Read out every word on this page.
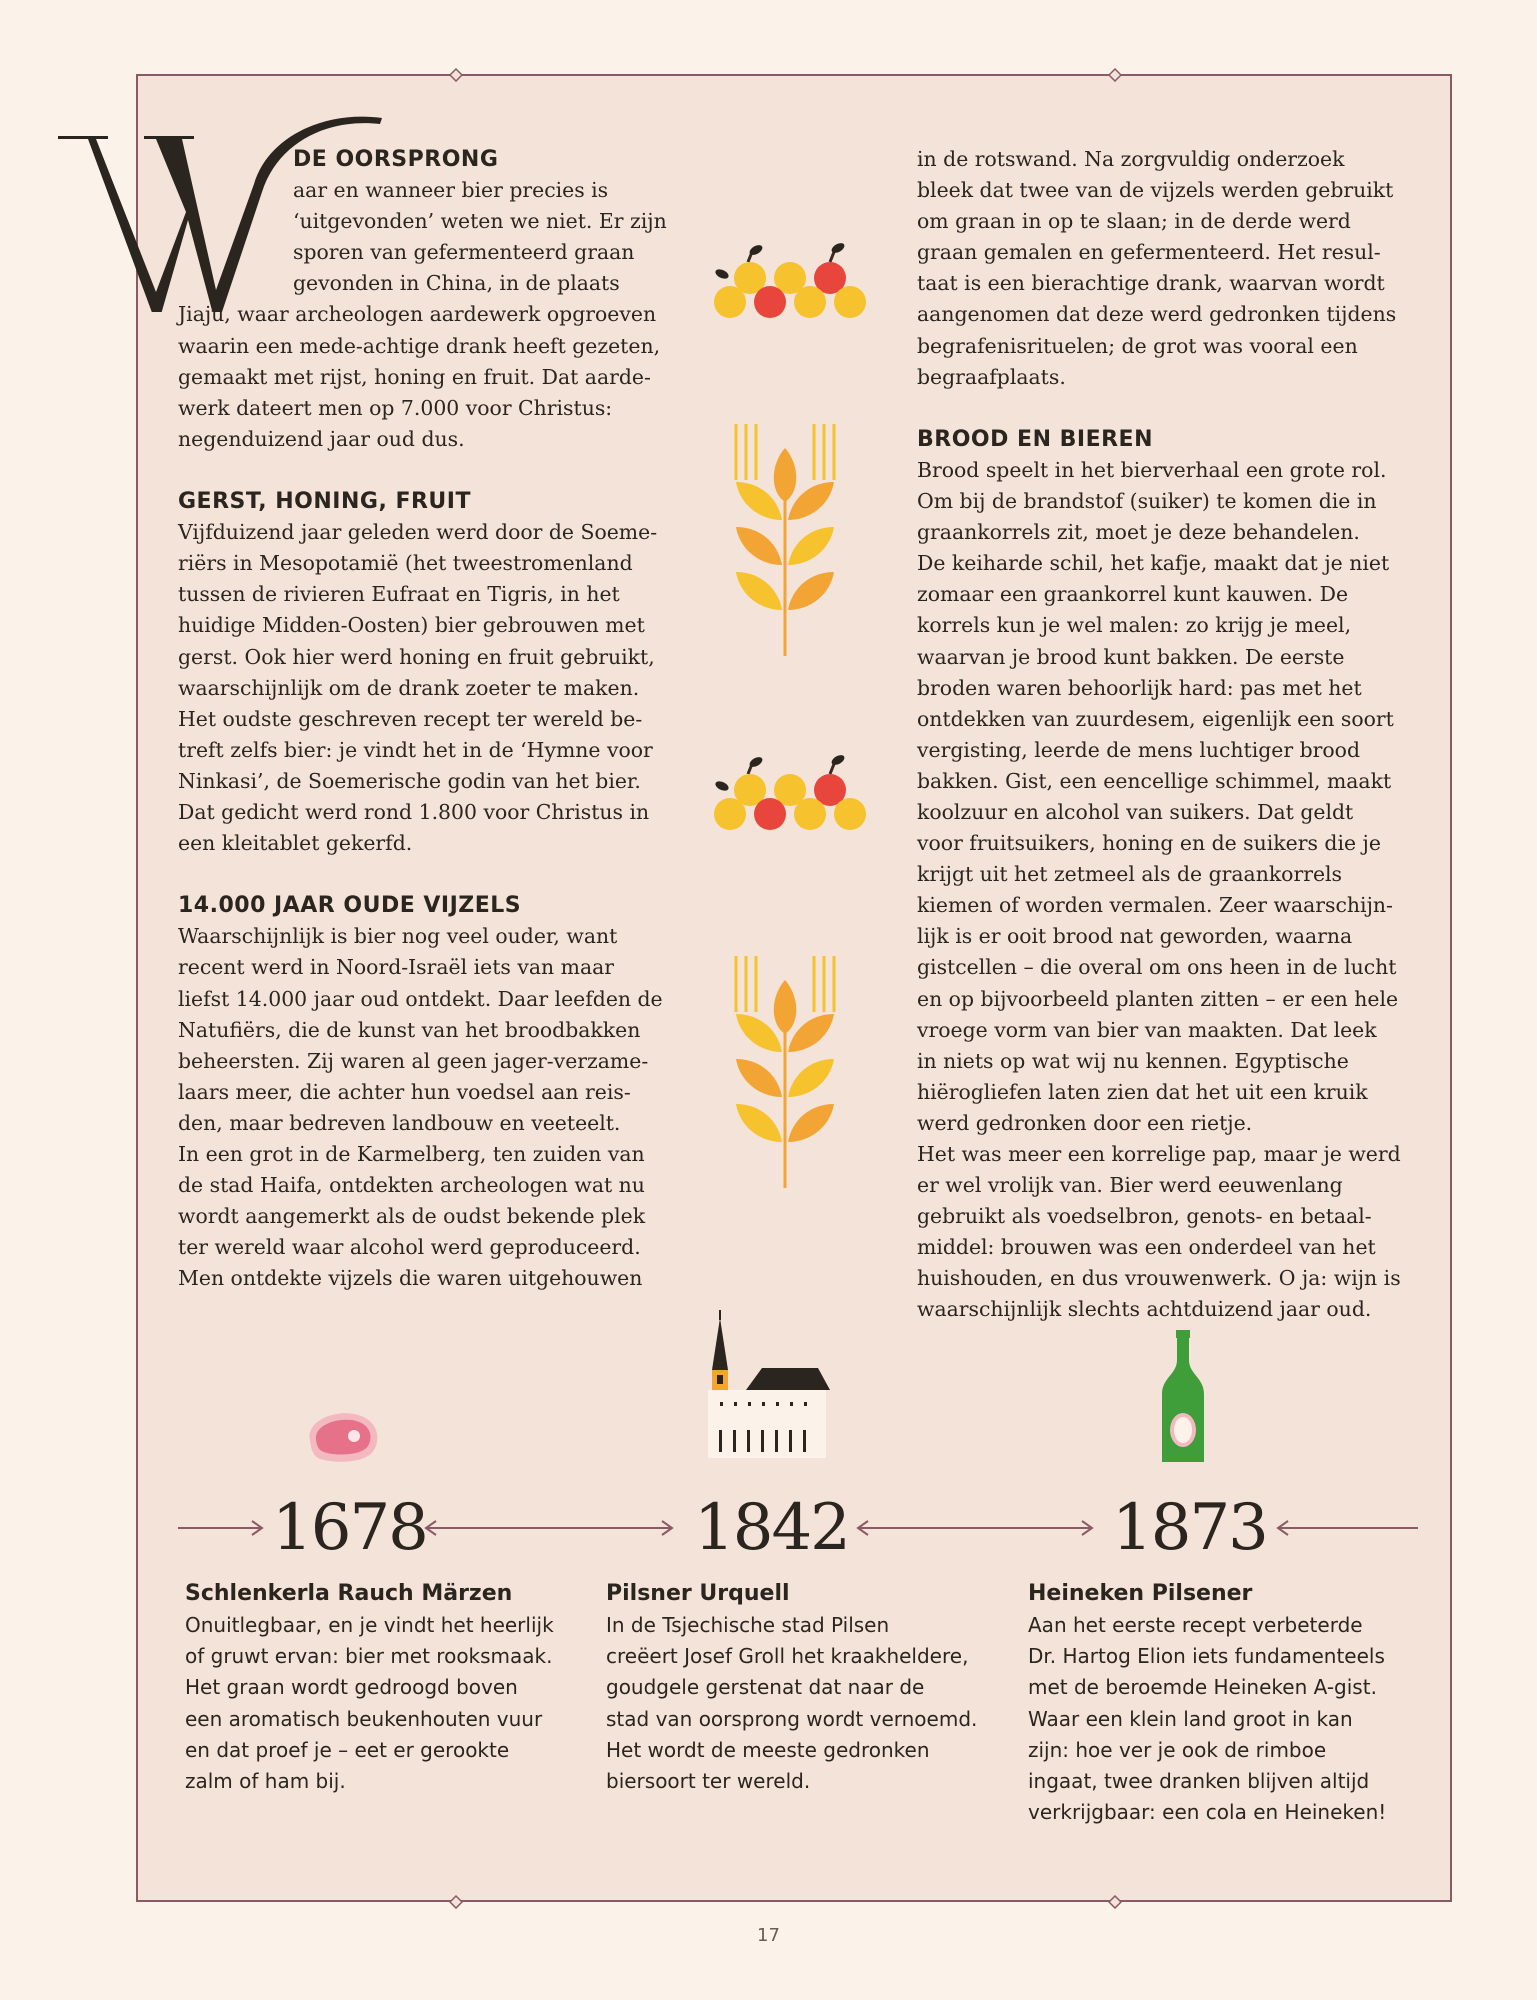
DE OORSPRONG

aar en wanneer bier precies is

‘uitgevonden’ weten we niet. Er zijn

sporen van gefermenteerd graan

gevonden in China, in de plaats

Jiaju, waar archeologen aardewerk opgroeven

waarin een mede-achtige drank heeft gezeten,

gemaakt met rijst, honing en fruit. Dat aarde-

werk dateert men op 7.000 voor Christus:

negenduizend jaar oud dus.

GERST, HONING, FRUIT

Vijfduizend jaar geleden werd door de Soeme-

riërs in Mesopotamië (het tweestromenland

tussen de rivieren Eufraat en Tigris, in het

huidige Midden-Oosten) bier gebrouwen met

gerst. Ook hier werd honing en fruit gebruikt,

waarschijnlijk om de drank zoeter te maken.

Het oudste geschreven recept ter wereld be-

treft zelfs bier: je vindt het in de ‘Hymne voor

Ninkasi’, de Soemerische godin van het bier.

Dat gedicht werd rond 1.800 voor Christus in

een kleitablet gekerfd.

14.000 JAAR OUDE VIJZELS

Waarschijnlijk is bier nog veel ouder, want

recent werd in Noord-Israël iets van maar

liefst 14.000 jaar oud ontdekt. Daar leefden de

Natufiërs, die de kunst van het broodbakken

beheersten. Zij waren al geen jager-verzame-

laars meer, die achter hun voedsel aan reis-

den, maar bedreven landbouw en veeteelt.

In een grot in de Karmelberg, ten zuiden van

de stad Haifa, ontdekten archeologen wat nu

wordt aangemerkt als de oudst bekende plek

ter wereld waar alcohol werd geproduceerd.

Men ontdekte vijzels die waren uitgehouwen

in de rotswand. Na zorgvuldig onderzoek

bleek dat twee van de vijzels werden gebruikt

om graan in op te slaan; in de derde werd

graan gemalen en gefermenteerd. Het resul-

taat is een bierachtige drank, waarvan wordt

aangenomen dat deze werd gedronken tijdens

begrafenisrituelen; de grot was vooral een

begraafplaats.

BROOD EN BIEREN

Brood speelt in het bierverhaal een grote rol.

Om bij de brandstof (suiker) te komen die in

graankorrels zit, moet je deze behandelen.

De keiharde schil, het kafje, maakt dat je niet

zomaar een graankorrel kunt kauwen. De

korrels kun je wel malen: zo krijg je meel,

waarvan je brood kunt bakken. De eerste

broden waren behoorlijk hard: pas met het

ontdekken van zuurdesem, eigenlijk een soort

vergisting, leerde de mens luchtiger brood

bakken. Gist, een eencellige schimmel, maakt

koolzuur en alcohol van suikers. Dat geldt

voor fruitsuikers, honing en de suikers die je

krijgt uit het zetmeel als de graankorrels

kiemen of worden vermalen. Zeer waarschijn-

lijk is er ooit brood nat geworden, waarna

gistcellen – die overal om ons heen in de lucht

en op bijvoorbeeld planten zitten – er een hele

vroege vorm van bier van maakten. Dat leek

in niets op wat wij nu kennen. Egyptische

hiërogliefen laten zien dat het uit een kruik

werd gedronken door een rietje.

Het was meer een korrelige pap, maar je werd

er wel vrolijk van. Bier werd eeuwenlang

gebruikt als voedselbron, genots- en betaal-

middel: brouwen was een onderdeel van het

huishouden, en dus vrouwenwerk. O ja: wijn is

waarschijnlijk slechts achtduizend jaar oud.

1678	1842	1873
Schlenkerla Rauch Märzen

Onuitlegbaar, en je vindt het heerlijk

of gruwt ervan: bier met rooksmaak.

Het graan wordt gedroogd boven

een aromatisch beukenhouten vuur

en dat proef je – eet er gerookte

zalm of ham bij.

Pilsner Urquell

In de Tsjechische stad Pilsen

creëert Josef Groll het kraakheldere,

goudgele gerstenat dat naar de

stad van oorsprong wordt vernoemd.

Het wordt de meeste gedronken

biersoort ter wereld.

Heineken Pilsener

Aan het eerste recept verbeterde

Dr. Hartog Elion iets fundamenteels

met de beroemde Heineken A-gist.

Waar een klein land groot in kan

zijn: hoe ver je ook de rimboe

ingaat, twee dranken blijven altijd

verkrijgbaar: een cola en Heineken!

17
